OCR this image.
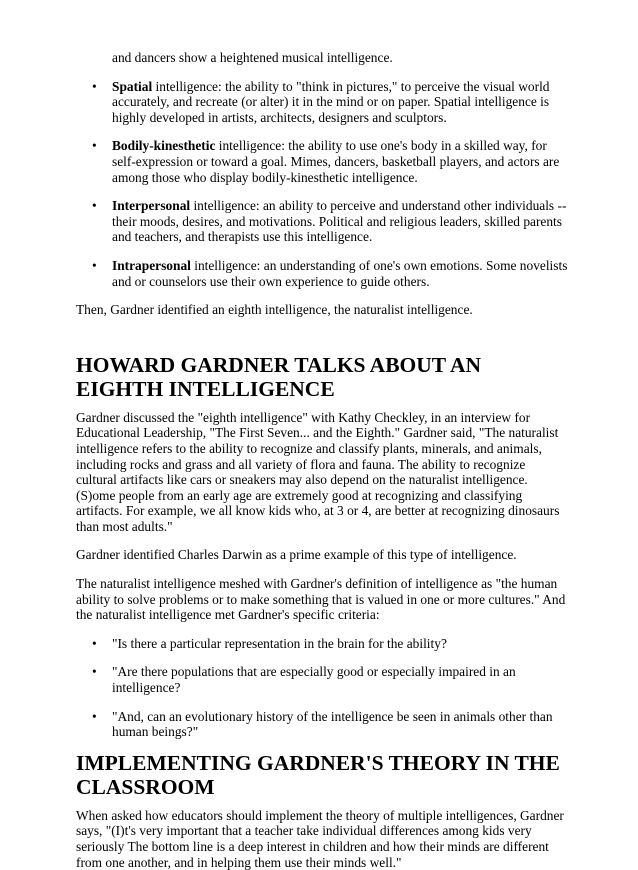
and dancers show a heightened musical intelligence.

• Spatial intelligence: the ability to "think in pictures," to perceive the visual world accurately, and recreate (or alter) it in the mind or on paper. Spatial intelligence is highly developed in artists, architects, designers and sculptors.
• Bodily-kinesthetic intelligence: the ability to use one's body in a skilled way, for self-expression or toward a goal. Mimes, dancers, basketball players, and actors are among those who display bodily-kinesthetic intelligence.
• Interpersonal intelligence: an ability to perceive and understand other individuals -- their moods, desires, and motivations. Political and religious leaders, skilled parents and teachers, and therapists use this intelligence.
• Intrapersonal intelligence: an understanding of one's own emotions. Some novelists and or counselors use their own experience to guide others.

Then, Gardner identified an eighth intelligence, the naturalist intelligence.

HOWARD GARDNER TALKS ABOUT AN EIGHTH INTELLIGENCE

Gardner discussed the "eighth intelligence" with Kathy Checkley, in an interview for Educational Leadership, "The First Seven... and the Eighth." Gardner said, "The naturalist intelligence refers to the ability to recognize and classify plants, minerals, and animals, including rocks and grass and all variety of flora and fauna. The ability to recognize cultural artifacts like cars or sneakers may also depend on the naturalist intelligence. (S)ome people from an early age are extremely good at recognizing and classifying artifacts. For example, we all know kids who, at 3 or 4, are better at recognizing dinosaurs than most adults."

Gardner identified Charles Darwin as a prime example of this type of intelligence.

The naturalist intelligence meshed with Gardner's definition of intelligence as "the human ability to solve problems or to make something that is valued in one or more cultures." And the naturalist intelligence met Gardner's specific criteria:

• "Is there a particular representation in the brain for the ability?
• "Are there populations that are especially good or especially impaired in an intelligence?
• "And, can an evolutionary history of the intelligence be seen in animals other than human beings?"
IMPLEMENTING GARDNER'S THEORY IN THE CLASSROOM

When asked how educators should implement the theory of multiple intelligences, Gardner says, "(I)t's very important that a teacher take individual differences among kids very seriously The bottom line is a deep interest in children and how their minds are different from one another, and in helping them use their minds well."
